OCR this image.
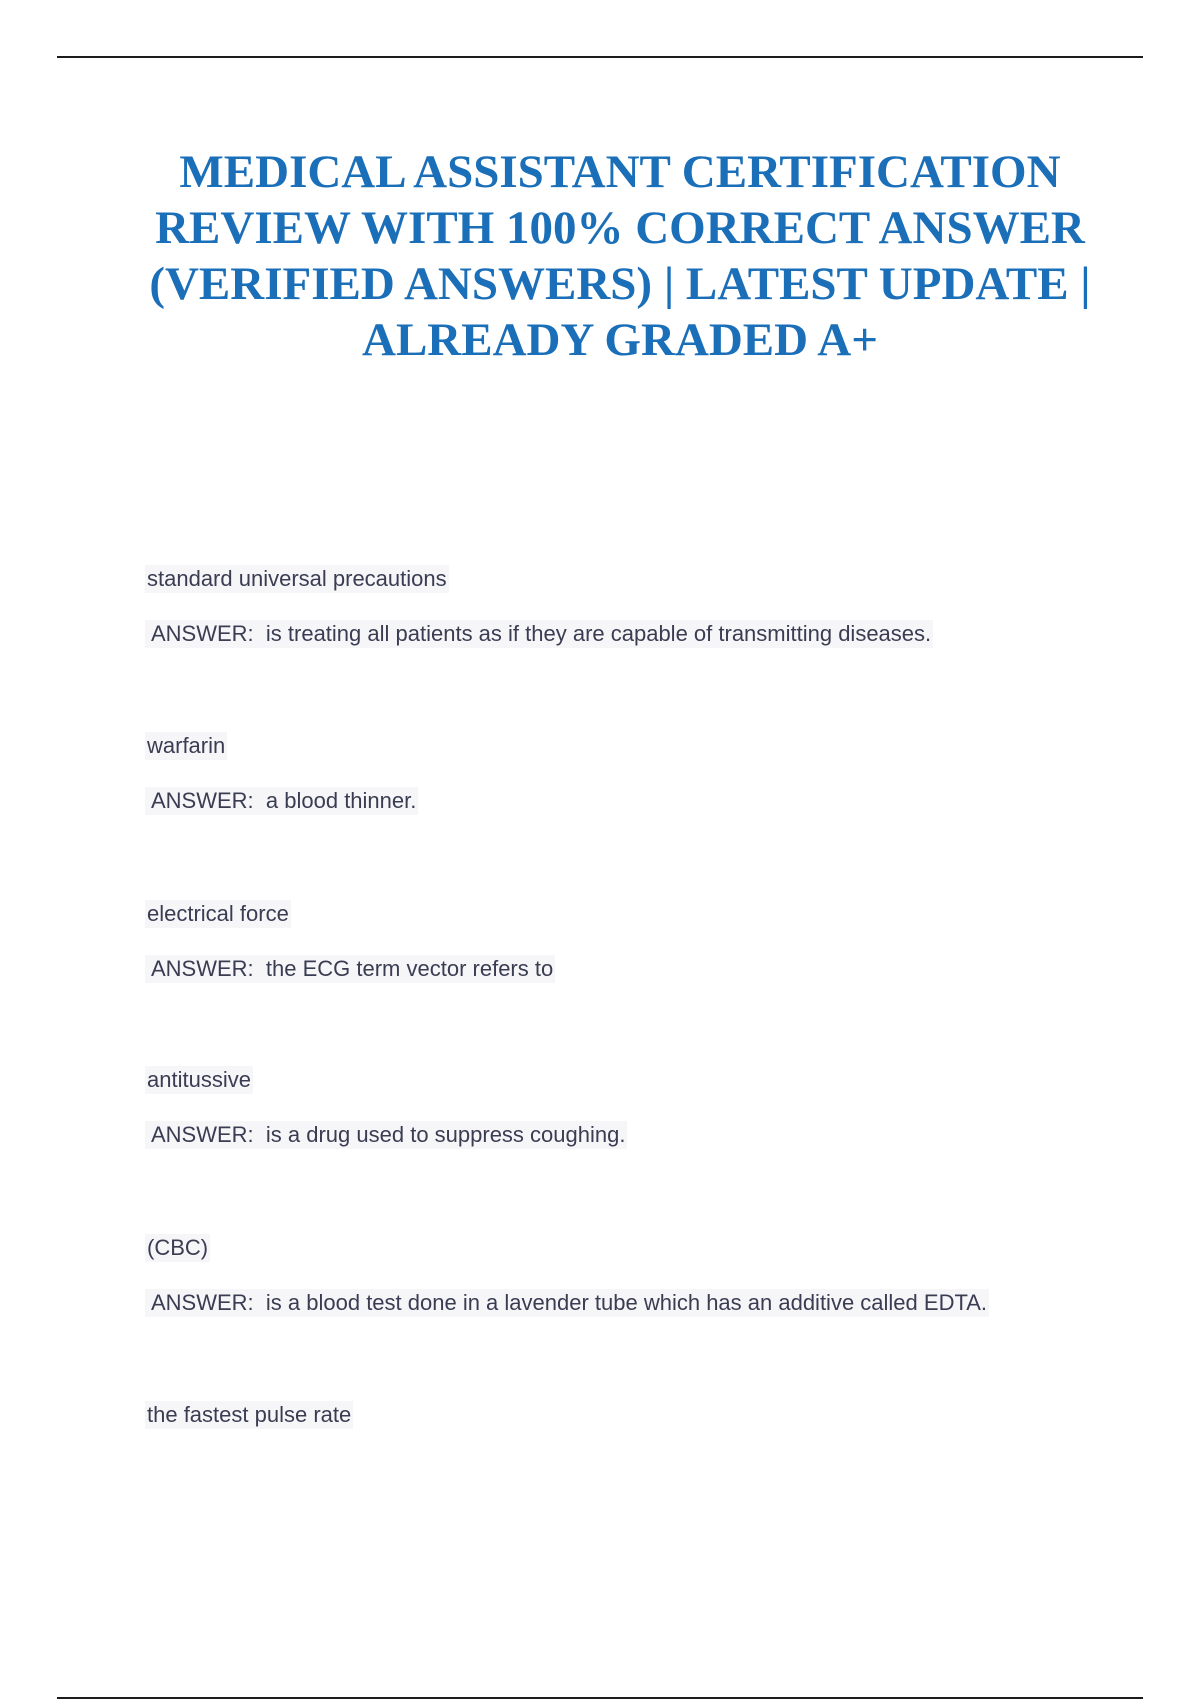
MEDICAL ASSISTANT CERTIFICATION REVIEW WITH 100% CORRECT ANSWER (VERIFIED ANSWERS) | LATEST UPDATE | ALREADY GRADED A+
standard universal precautions
ANSWER:  is treating all patients as if they are capable of transmitting diseases.
warfarin
ANSWER:  a blood thinner.
electrical force
ANSWER:  the ECG term vector refers to
antitussive
ANSWER:  is a drug used to suppress coughing.
(CBC)
ANSWER:  is a blood test done in a lavender tube which has an additive called EDTA.
the fastest pulse rate
